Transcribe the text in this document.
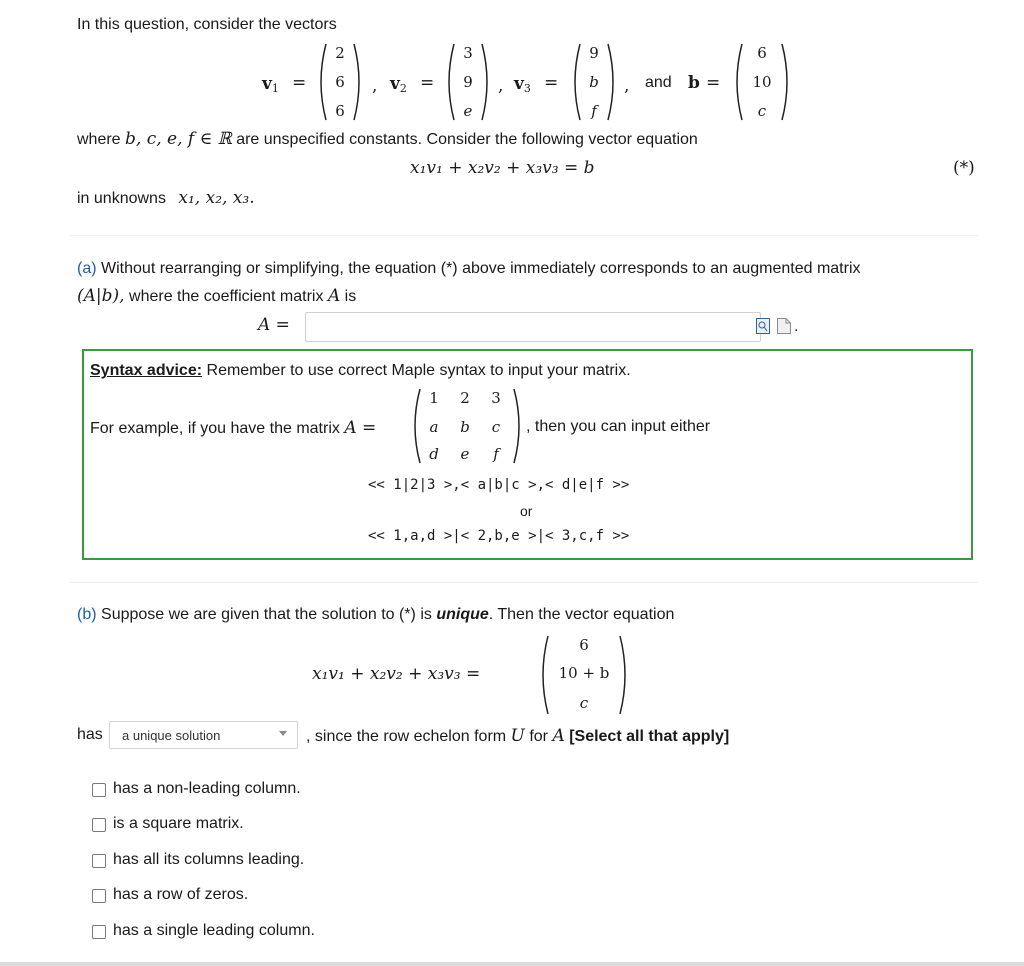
In this question, consider the vectors
$v_1$ =
2
6
6
, $v_2$ =
3
9
e
, $v_3$ =
9
b
f
, and b =
6
10
c
where b, c, e, f ∈ ℝ are unspecified constants. Consider the following vector equation
x₁v₁ + x₂v₂ + x₃v₃ = b	(*)
in unknowns x₁, x₂, x₃.
(a) Without rearranging or simplifying, the equation (*) above immediately corresponds to an augmented matrix
(A|b), where the coefficient matrix A is
A =	.
Syntax advice: Remember to use correct Maple syntax to input your matrix.
For example, if you have the matrix A =
1	2	3
a	b	c
d	e	f
, then you can input either
<< 1|2|3 >,< a|b|c >,< d|e|f >>
or
<< 1,a,d >|< 2,b,e >|< 3,c,f >>
(b) Suppose we are given that the solution to (*) is unique. Then the vector equation
x₁v₁ + x₂v₂ + x₃v₃ =
6
10 + b
c
has a unique solution	, since the row echelon form U for A [Select all that apply]
has a non-leading column.
is a square matrix.
has all its columns leading.
has a row of zeros.
has a single leading column.
